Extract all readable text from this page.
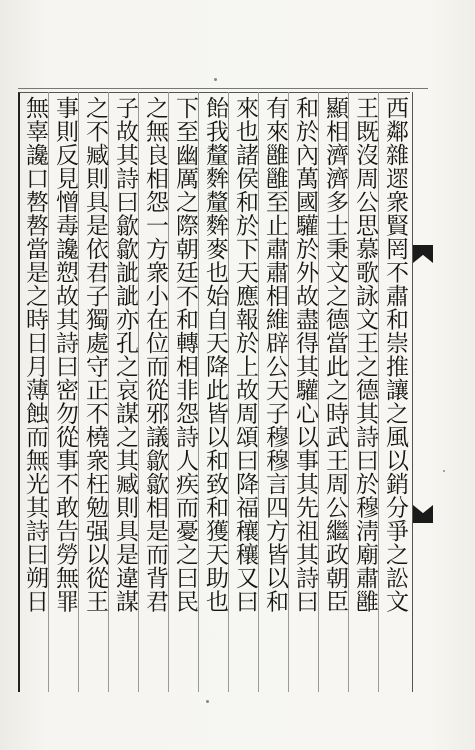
西鄰雜遝衆賢罔不肅和崇推讓之風以銷分爭之訟文
王既沒周公思慕歌詠文王之德其詩曰於穆淸廟肅雝
顯相濟濟多士秉文之德當此之時武王周公繼政朝臣
和於內萬國驩於外故盡得其驩心以事其先祖其詩曰
有來雝雝至止肅肅相維辟公天子穆穆言四方皆以和
來也諸侯和於下天應報於上故周頌曰降福穰穰又曰
飴我釐麰釐麰麥也始自天降此皆以和致和獲天助也
下至幽厲之際朝廷不和轉相非怨詩人疾而憂之曰民
之無良相怨一方衆小在位而從邪議歙歙相是而背君
子故其詩曰歙歙訿訿亦孔之哀謀之其臧則具是違謀
之不臧則具是依君子獨處守正不橈衆枉勉强以從王
事則反見憎毒讒愬故其詩曰密勿從事不敢告勞無罪
無辜讒口嗸嗸當是之時日月薄蝕而無光其詩曰朔日
